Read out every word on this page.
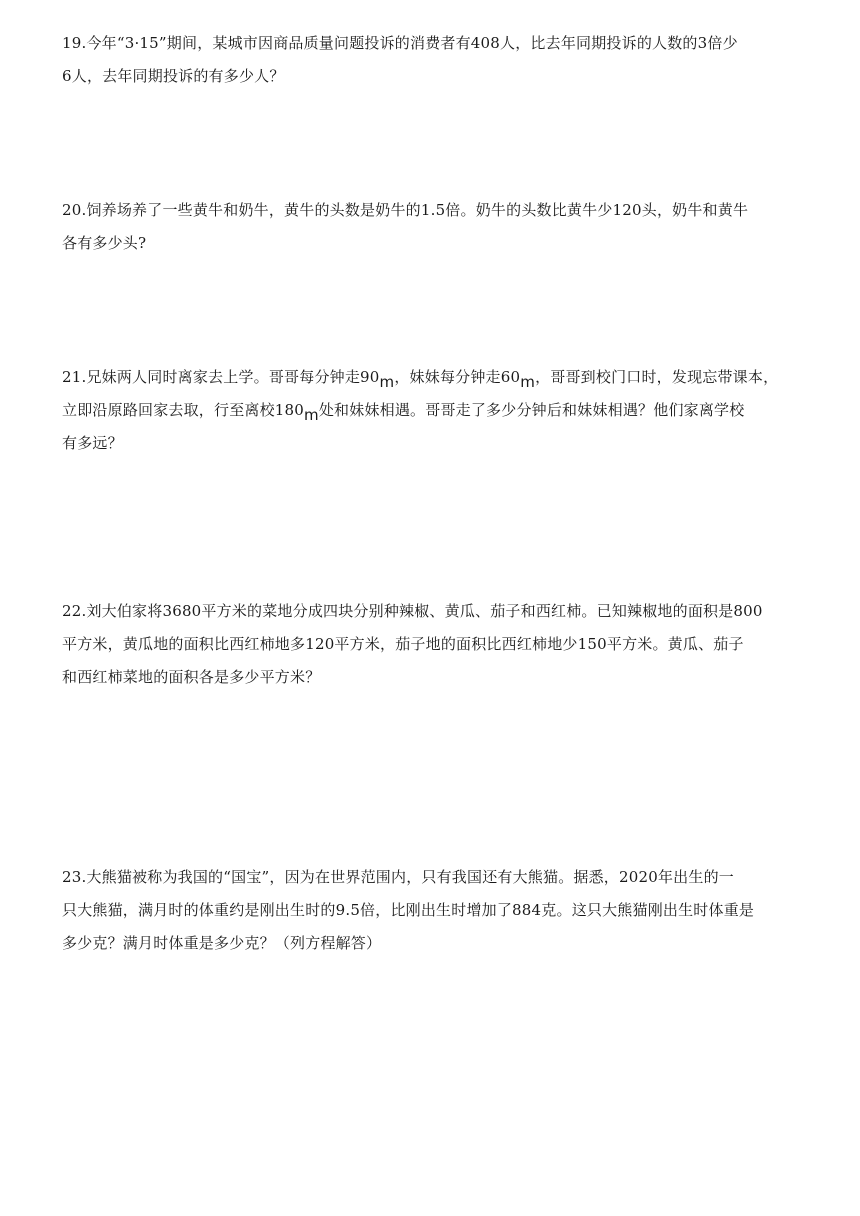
19.今年“3·15”期间，某城市因商品质量问题投诉的消费者有408人，比去年同期投诉的人数的3倍少
6人，去年同期投诉的有多少人？
20.饲养场养了一些黄牛和奶牛，黄牛的头数是奶牛的1.5倍。奶牛的头数比黄牛少120头，奶牛和黄牛
各有多少头?
21.兄妹两人同时离家去上学。哥哥每分钟走90m，妹妹每分钟走60m，哥哥到校门口时，发现忘带课本，
立即沿原路回家去取，行至离校180m处和妹妹相遇。哥哥走了多少分钟后和妹妹相遇？他们家离学校
有多远？
22.刘大伯家将3680平方米的菜地分成四块分别种辣椒、黄瓜、茄子和西红柿。已知辣椒地的面积是800
平方米，黄瓜地的面积比西红柿地多120平方米，茄子地的面积比西红柿地少150平方米。黄瓜、茄子
和西红柿菜地的面积各是多少平方米？
23.大熊猫被称为我国的“国宝”，因为在世界范围内，只有我国还有大熊猫。据悉，2020年出生的一
只大熊猫，满月时的体重约是刚出生时的9.5倍，比刚出生时增加了884克。这只大熊猫刚出生时体重是
多少克？满月时体重是多少克？（列方程解答）
